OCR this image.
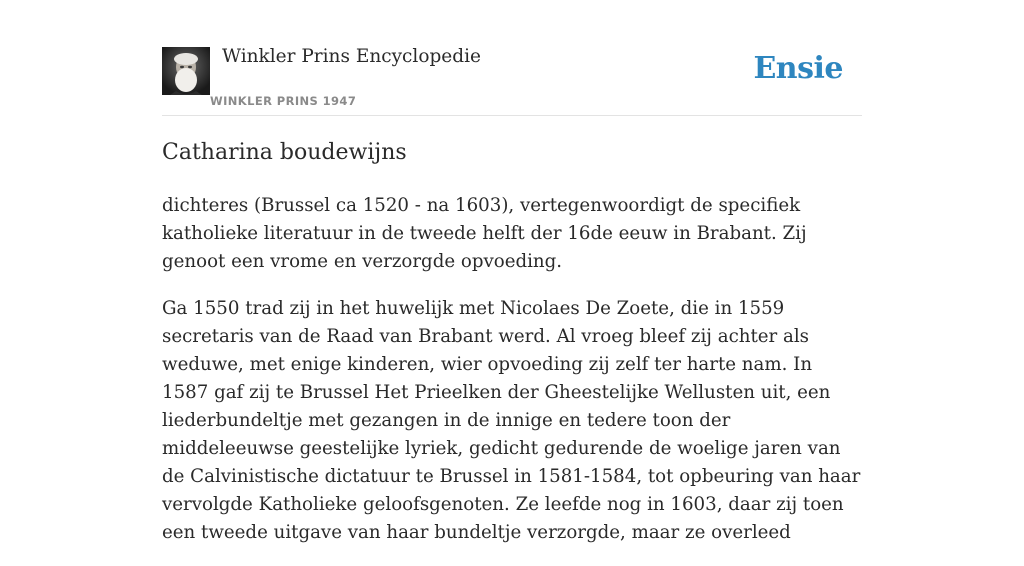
Winkler Prins Encyclopedie
WINKLER PRINS 1947
Ensie
Catharina boudewijns

dichteres (Brussel ca 1520 - na 1603), vertegenwoordigt de specifiek katholieke literatuur in de tweede helft der 16de eeuw in Brabant. Zij genoot een vrome en verzorgde opvoeding.

Ga 1550 trad zij in het huwelijk met Nicolaes De Zoete, die in 1559 secretaris van de Raad van Brabant werd. Al vroeg bleef zij achter als weduwe, met enige kinderen, wier opvoeding zij zelf ter harte nam. In 1587 gaf zij te Brussel Het Prieelken der Gheestelijke Wellusten uit, een liederbundeltje met gezangen in de innige en tedere toon der middeleeuwse geestelijke lyriek, gedicht gedurende de woelige jaren van de Calvinistische dictatuur te Brussel in 1581-1584, tot opbeuring van haar vervolgde Katholieke geloofsgenoten. Ze leefde nog in 1603, daar zij toen een tweede uitgave van haar bundeltje verzorgde, maar ze overleed
